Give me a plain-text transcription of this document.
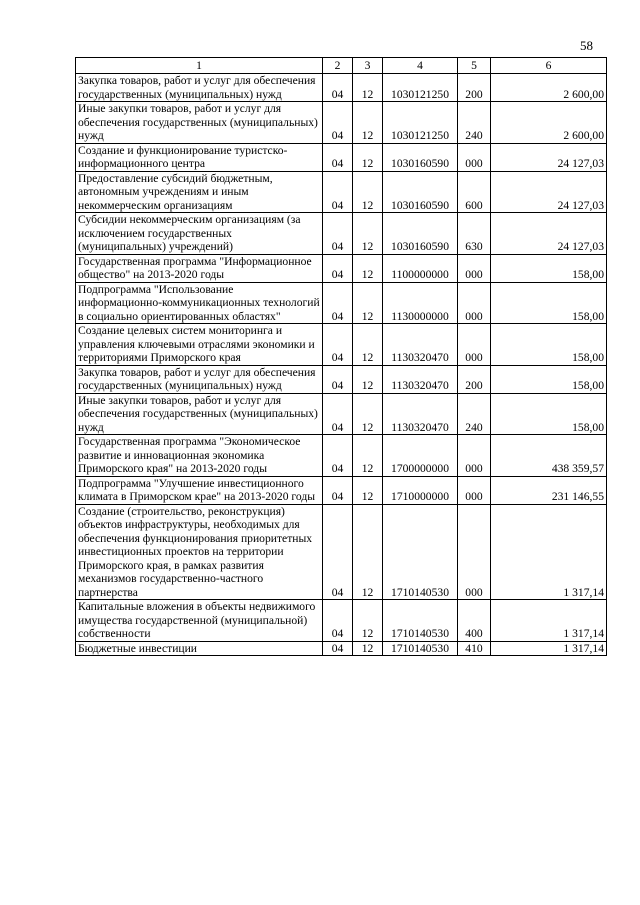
58
1	2	3	4	5	6
Закупка товаров, работ и услуг для обеспечения государственных (муниципальных) нужд	04	12	1030121250	200	2 600,00
Иные закупки товаров, работ и услуг для обеспечения государственных (муниципальных) нужд	04	12	1030121250	240	2 600,00
Создание и функционирование туристско-информационного центра	04	12	1030160590	000	24 127,03
Предоставление субсидий бюджетным, автономным учреждениям и иным некоммерческим организациям	04	12	1030160590	600	24 127,03
Субсидии некоммерческим организациям (за исключением государственных (муниципальных) учреждений)	04	12	1030160590	630	24 127,03
Государственная программа "Информационное общество" на 2013-2020 годы	04	12	1100000000	000	158,00
Подпрограмма "Использование информационно-коммуникационных технологий в социально ориентированных областях"	04	12	1130000000	000	158,00
Создание целевых систем мониторинга и управления ключевыми отраслями экономики и территориями Приморского края	04	12	1130320470	000	158,00
Закупка товаров, работ и услуг для обеспечения государственных (муниципальных) нужд	04	12	1130320470	200	158,00
Иные закупки товаров, работ и услуг для обеспечения государственных (муниципальных) нужд	04	12	1130320470	240	158,00
Государственная программа "Экономическое развитие и инновационная экономика Приморского края" на 2013-2020 годы	04	12	1700000000	000	438 359,57
Подпрограмма "Улучшение инвестиционного климата в Приморском крае" на 2013-2020 годы	04	12	1710000000	000	231 146,55
Создание (строительство, реконструкция) объектов инфраструктуры, необходимых для обеспечения функционирования приоритетных инвестиционных проектов на территории Приморского края, в рамках развития механизмов государственно-частного партнерства	04	12	1710140530	000	1 317,14
Капитальные вложения в объекты недвижимого имущества государственной (муниципальной) собственности	04	12	1710140530	400	1 317,14
Бюджетные инвестиции	04	12	1710140530	410	1 317,14
